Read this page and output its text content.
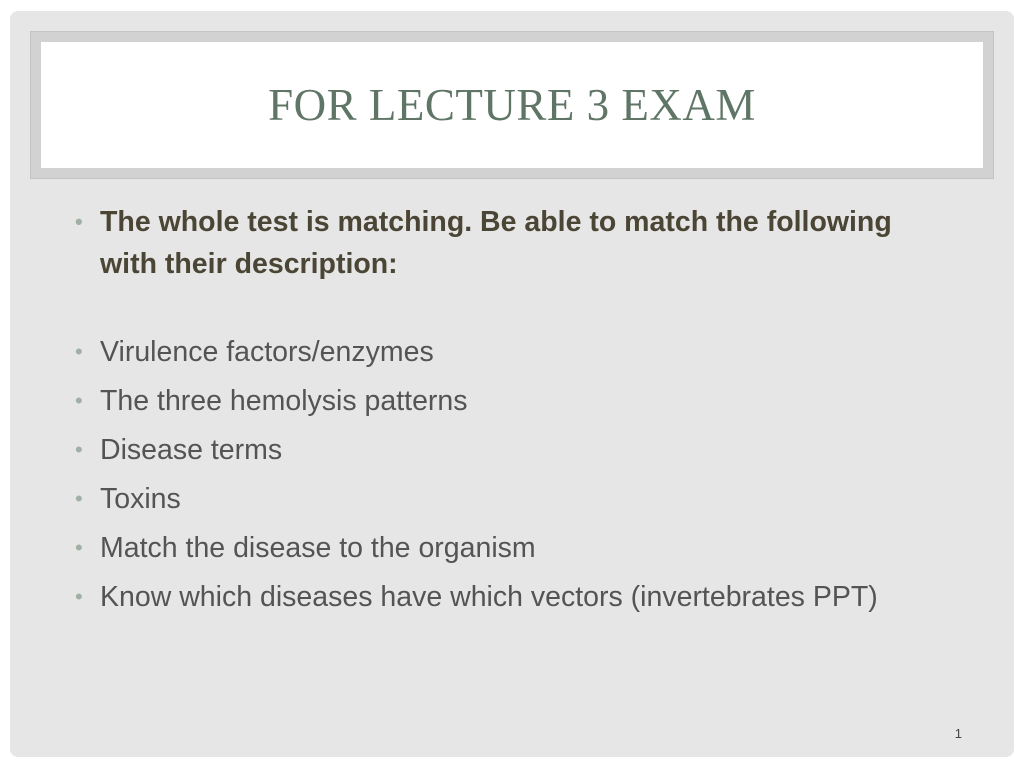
FOR LECTURE 3 EXAM
• The whole test is matching. Be able to match the following with their description:
• Virulence factors/enzymes
• The three hemolysis patterns
• Disease terms
• Toxins
• Match the disease to the organism
• Know which diseases have which vectors (invertebrates PPT)
1
